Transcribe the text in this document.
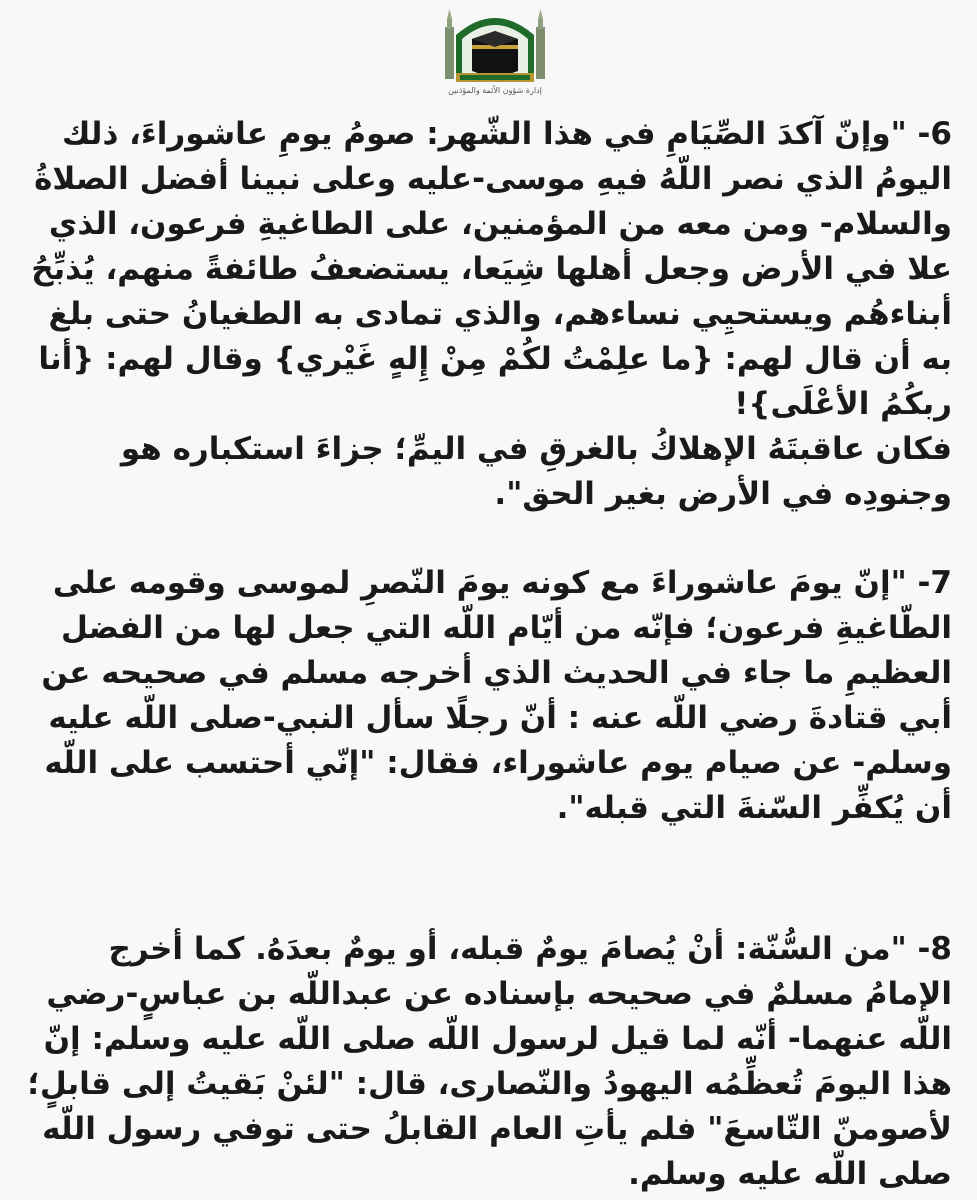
إدارة شؤون الأئمة والمؤذنين

6- "وإنّ آكدَ الصِّيَامِ في هذا الشّهر: صومُ يومِ عاشوراءَ، ذلك اليومُ الذي نصر اللّهُ فيهِ موسى-عليه وعلى نبينا أفضل الصلاةُ والسلام- ومن معه من المؤمنين، على الطاغيةِ فرعون، الذي علا في الأرض وجعل أهلها شِيَعا، يستضعفُ طائفةً منهم، يُذبِّحُ أبناءهُم ويستحيِي نساءهم، والذي تمادى به الطغيانُ حتى بلغ به أن قال لهم: {ما علِمْتُ لكُمْ مِنْ إِلهٍ غَيْري} وقال لهم: {أنا ربكُمُ الأعْلَى}!
فكان عاقبتَهُ الإهلاكُ بالغرقِ في اليمِّ؛ جزاءَ استكباره هو وجنودِه في الأرض بغير الحق".

7- "إنّ يومَ عاشوراءَ مع كونه يومَ النّصرِ لموسى وقومه على الطّاغيةِ فرعون؛ فإنّه من أيّام اللّه التي جعل لها من الفضل العظيمِ ما جاء في الحديث الذي أخرجه مسلم في صحيحه عن أبي قتادةَ رضي اللّه عنه : أنّ رجلًا سأل النبي-صلى اللّه عليه وسلم- عن صيام يوم عاشوراء، فقال: "إنّي أحتسب على اللّه أن يُكفِّر السّنةَ التي قبله".

8- "من السُّنّة: أنْ يُصامَ يومٌ قبله، أو يومٌ بعدَهُ. كما أخرج الإمامُ مسلمٌ في صحيحه بإسناده عن عبداللّه بن عباسٍ-رضي اللّه عنهما- أنّه لما قيل لرسول اللّه صلى اللّه عليه وسلم: إنّ هذا اليومَ تُعظِّمُه اليهودُ والنّصارى، قال: "لئنْ بَقيتُ إلى قابلٍ؛ لأصومنّ التّاسعَ" فلم يأتِ العام القابلُ حتى توفي رسول اللّه صلى اللّه عليه وسلم.
